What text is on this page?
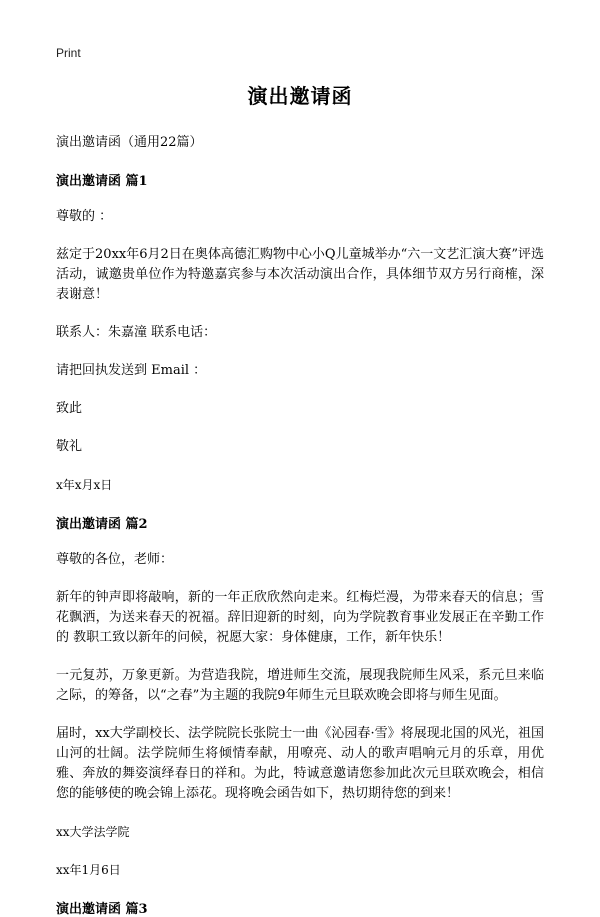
Print
演出邀请函
演出邀请函（通用22篇）
演出邀请函 篇1
尊敬的 ：
兹定于20xx年6月2日在奥体高德汇购物中心小Q儿童城举办“六一文艺汇演大赛”评选活动，诚邀贵单位作为特邀嘉宾参与本次活动演出合作，具体细节双方另行商榷，深表谢意！
联系人：朱嘉潼 联系电话：
请把回执发送到 Email ：
致此
敬礼
x年x月x日
演出邀请函 篇2
尊敬的各位，老师：
新年的钟声即将敲响，新的一年正欣欣然向走来。红梅烂漫，为带来春天的信息；雪花飘洒，为送来春天的祝福。辞旧迎新的时刻，向为学院教育事业发展正在辛勤工作的 教职工致以新年的问候，祝愿大家：身体健康，工作，新年快乐！
一元复苏，万象更新。为营造我院，增进师生交流，展现我院师生风采，系元旦来临之际，的筹备，以“之春”为主题的我院9年师生元旦联欢晚会即将与师生见面。
届时，xx大学副校长、法学院院长张院士一曲《沁园春·雪》将展现北国的风光，祖国山河的壮阔。法学院师生将倾情奉献，用嘹亮、动人的歌声唱响元月的乐章，用优雅、奔放的舞姿演绎春日的祥和。为此，特诚意邀请您参加此次元旦联欢晚会，相信您的能够使的晚会锦上添花。现将晚会函告如下，热切期待您的到来！
xx大学法学院
xx年1月6日
演出邀请函 篇3
